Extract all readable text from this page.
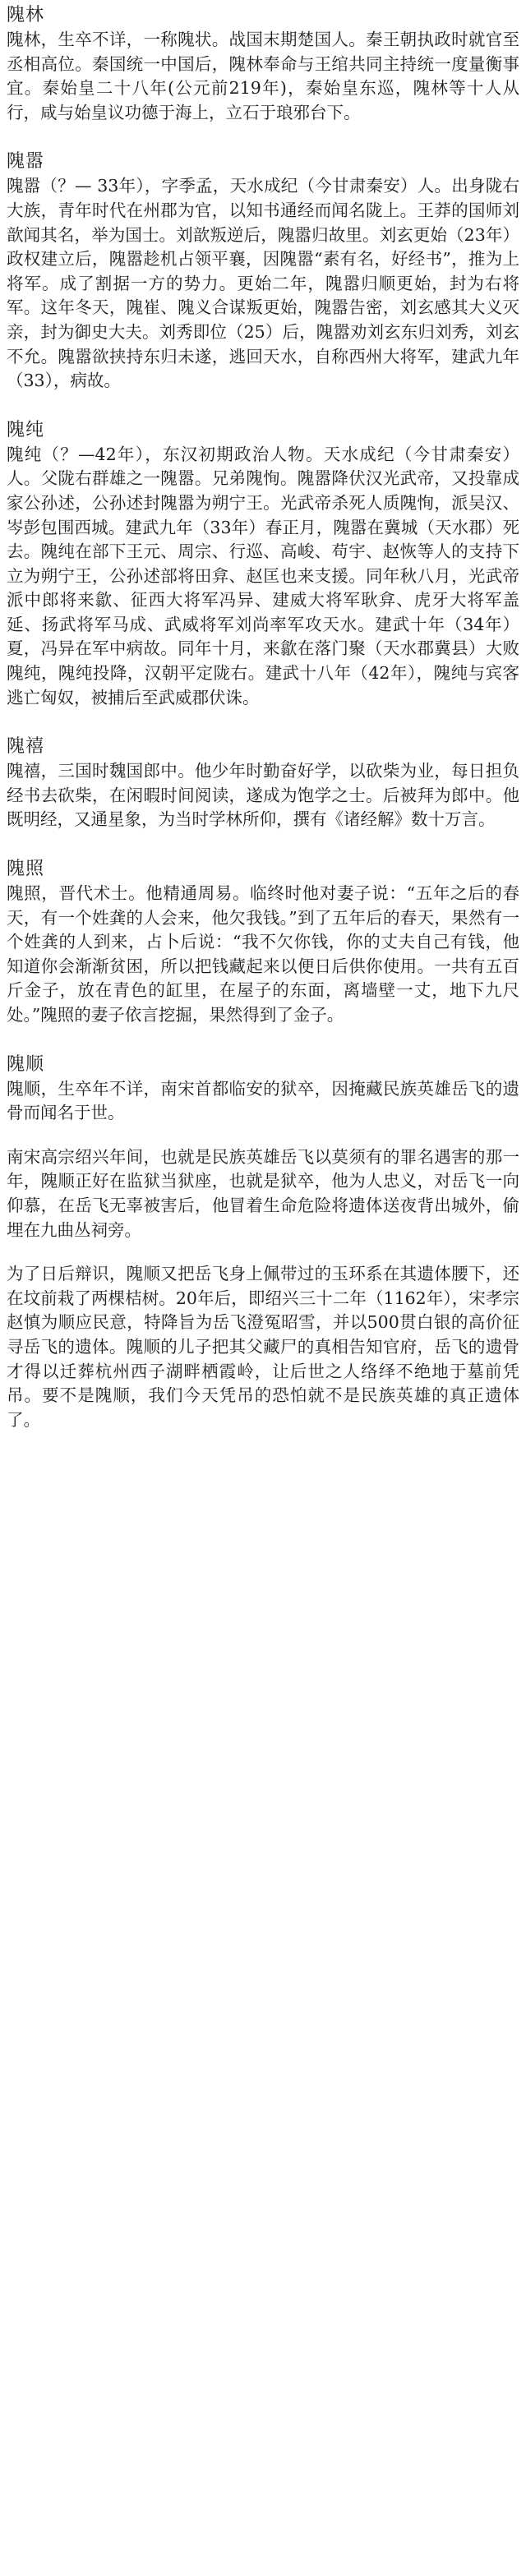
隗林

隗林，生卒不详，一称隗状。战国末期楚国人。秦王朝执政时就官至丞相高位。秦国统一中国后，隗林奉命与王绾共同主持统一度量衡事宜。秦始皇二十八年(公元前219年)，秦始皇东巡，隗林等十人从行，咸与始皇议功德于海上，立石于琅邪台下。

隗嚣

隗嚣（？— 33年），字季孟，天水成纪（今甘肃秦安）人。出身陇右大族，青年时代在州郡为官，以知书通经而闻名陇上。王莽的国师刘歆闻其名，举为国士。刘歆叛逆后，隗嚣归故里。刘玄更始（23年）政权建立后，隗嚣趁机占领平襄，因隗嚣“素有名，好经书”，推为上将军。成了割据一方的势力。更始二年，隗嚣归顺更始，封为右将军。这年冬天，隗崔、隗义合谋叛更始，隗嚣告密，刘玄感其大义灭亲，封为御史大夫。刘秀即位（25）后，隗嚣劝刘玄东归刘秀，刘玄不允。隗嚣欲挟持东归未遂，逃回天水，自称西州大将军，建武九年（33），病故。

隗纯

隗纯（？—42年），东汉初期政治人物。天水成纪（今甘肃秦安）人。父陇右群雄之一隗嚣。兄弟隗恂。隗嚣降伏汉光武帝，又投靠成家公孙述，公孙述封隗嚣为朔宁王。光武帝杀死人质隗恂，派吴汉、岑彭包围西城。建武九年（33年）春正月，隗嚣在冀城（天水郡）死去。隗纯在部下王元、周宗、行巡、高峻、苟宇、赵恢等人的支持下立为朔宁王，公孙述部将田弇、赵匡也来支援。同年秋八月，光武帝派中郎将来歙、征西大将军冯异、建威大将军耿弇、虎牙大将军盖延、扬武将军马成、武威将军刘尚率军攻天水。建武十年（34年）夏，冯异在军中病故。同年十月，来歙在落门聚（天水郡冀县）大败隗纯，隗纯投降，汉朝平定陇右。建武十八年（42年），隗纯与宾客逃亡匈奴，被捕后至武威郡伏诛。

隗禧

隗禧，三国时魏国郎中。他少年时勤奋好学，以砍柴为业，每日担负经书去砍柴，在闲暇时间阅读，遂成为饱学之士。后被拜为郎中。他既明经，又通星象，为当时学林所仰，撰有《诸经解》数十万言。

隗照

隗照，晋代术士。他精通周易。临终时他对妻子说：“五年之后的春天，有一个姓龚的人会来，他欠我钱。”到了五年后的春天，果然有一个姓龚的人到来，占卜后说：“我不欠你钱，你的丈夫自己有钱，他知道你会渐渐贫困，所以把钱藏起来以便日后供你使用。一共有五百斤金子，放在青色的缸里，在屋子的东面，离墙壁一丈，地下九尺处。”隗照的妻子依言挖掘，果然得到了金子。

隗顺

隗顺，生卒年不详，南宋首都临安的狱卒，因掩藏民族英雄岳飞的遗骨而闻名于世。

南宋高宗绍兴年间，也就是民族英雄岳飞以莫须有的罪名遇害的那一年，隗顺正好在监狱当狱座，也就是狱卒，他为人忠义，对岳飞一向仰慕，在岳飞无辜被害后，他冒着生命危险将遗体送夜背出城外，偷埋在九曲丛祠旁。

为了日后辩识，隗顺又把岳飞身上佩带过的玉环系在其遗体腰下，还在坟前栽了两棵桔树。20年后，即绍兴三十二年（1162年），宋孝宗赵慎为顺应民意，特降旨为岳飞澄冤昭雪，并以500贯白银的高价征寻岳飞的遗体。隗顺的儿子把其父藏尸的真相告知官府，岳飞的遗骨才得以迁葬杭州西子湖畔栖霞岭，让后世之人络绎不绝地于墓前凭吊。要不是隗顺，我们今天凭吊的恐怕就不是民族英雄的真正遗体了。
